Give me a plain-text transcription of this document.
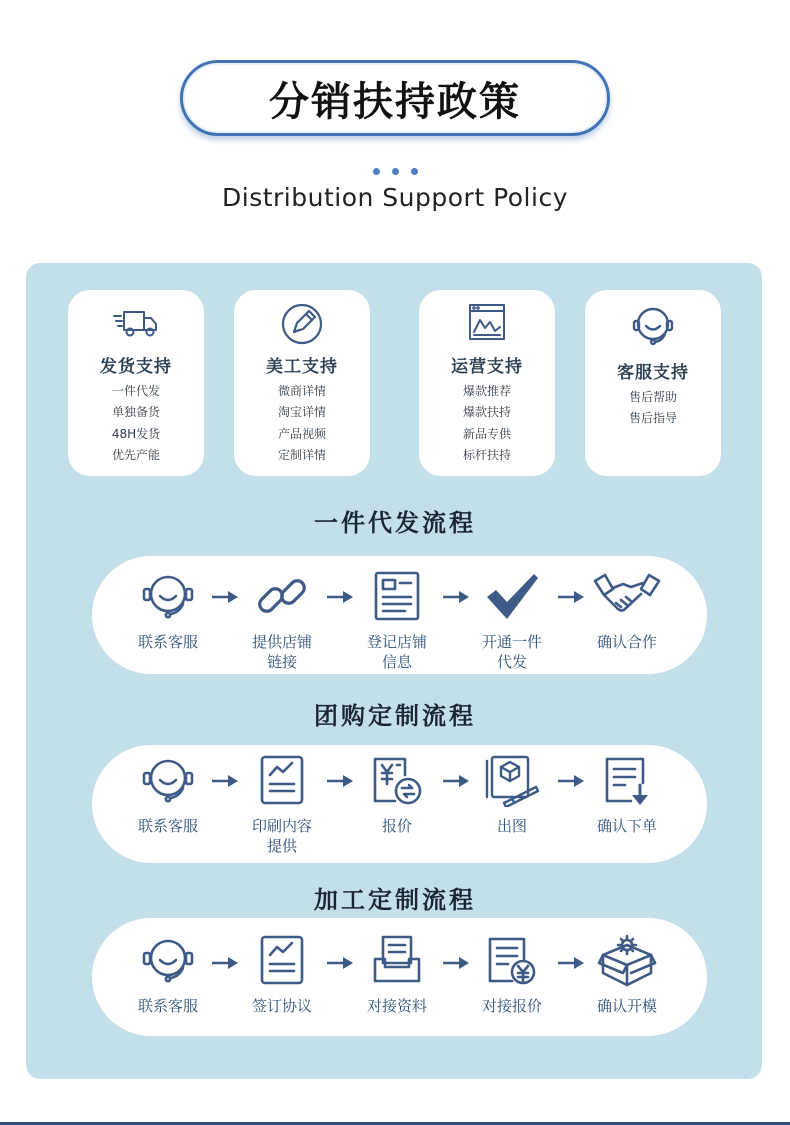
分销扶持政策
Distribution Support Policy
发货支持
一件代发
单独备货
48H发货
优先产能
美工支持
微商详情
淘宝详情
产品视频
定制详情
运营支持
爆款推荐
爆款扶持
新品专供
标杆扶持
客服支持
售后帮助
售后指导
一件代发流程
联系客服	提供店铺
链接
登记店铺
信息
开通一件
代发
确认合作
团购定制流程
联系客服	印刷内容
提供
报价	出图	确认下单
加工定制流程
联系客服	签订协议	对接资料	对接报价	确认开模
